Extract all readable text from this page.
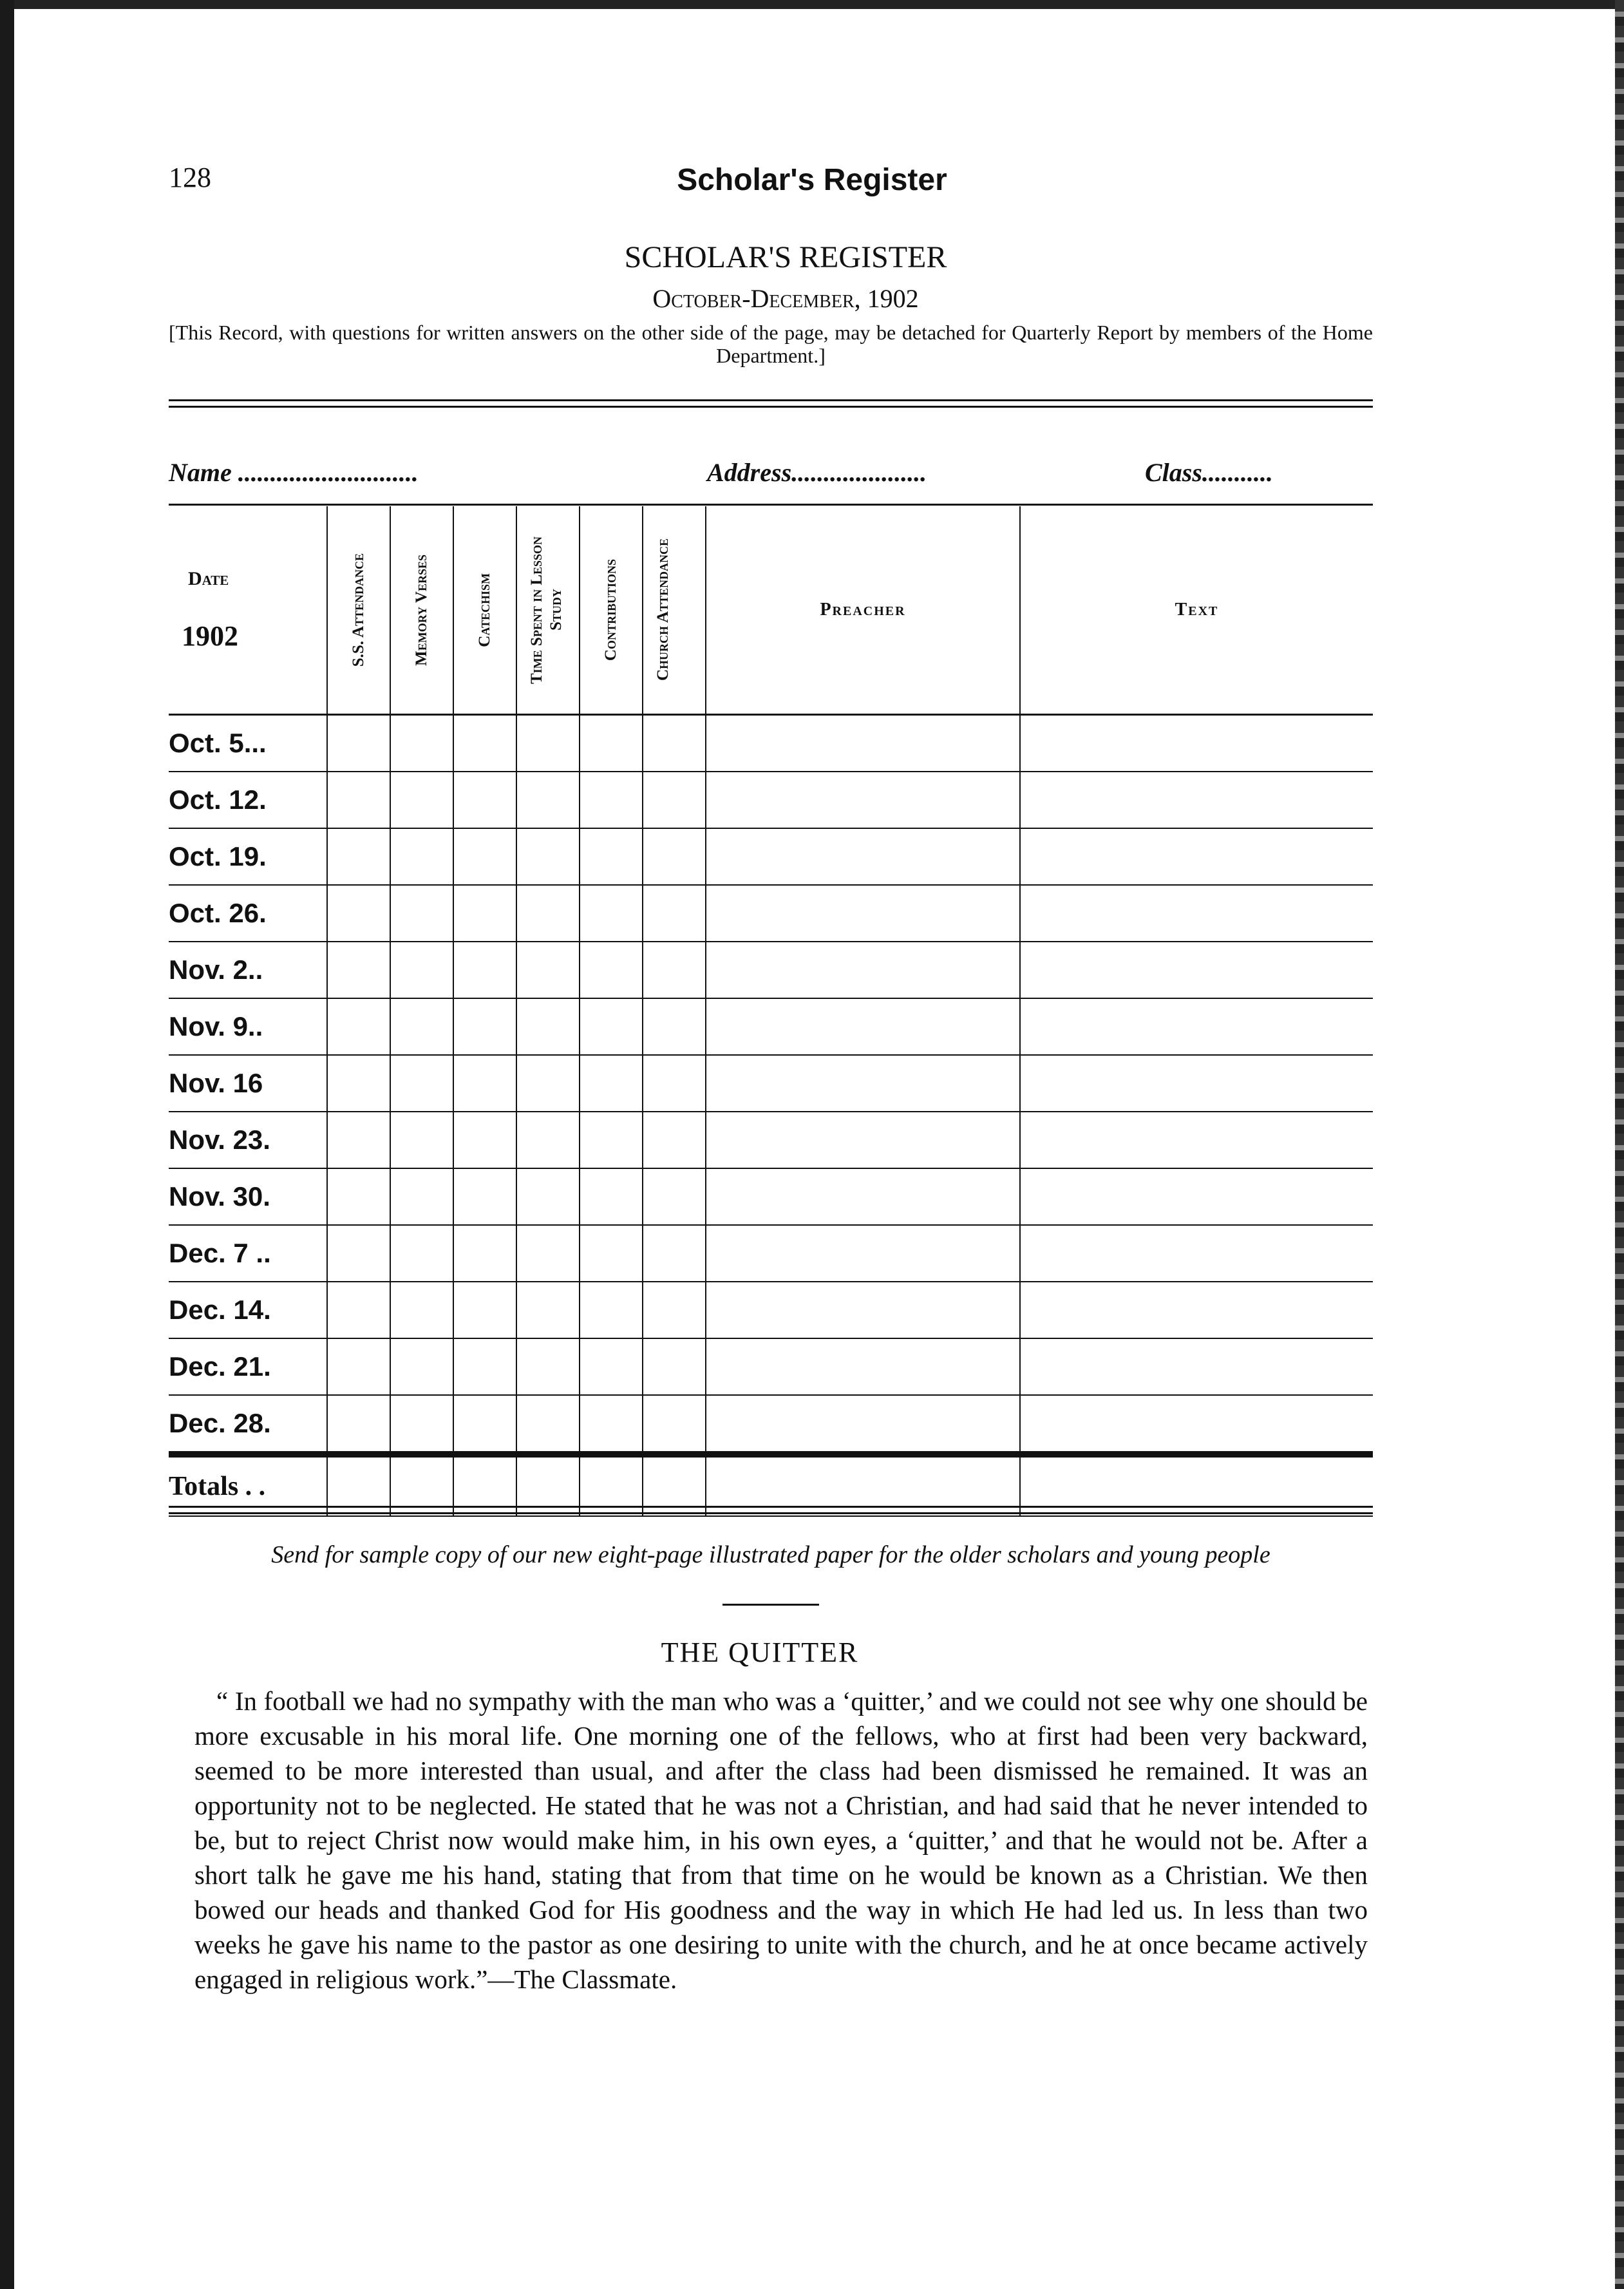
128	Scholar's Register
SCHOLAR'S REGISTER
October-December, 1902
[This Record, with questions for written answers on the other side of the page, may be detached for Quarterly Report by members of the Home Department.]
Name ............................	Address.....................	Class...........
Date
1902	S.S. Attendance	Memory Verses	Catechism	Time Spent in Lesson Study	Contributions	Church Attendance	Preacher	Text
Oct. 5...								
Oct. 12.								
Oct. 19.								
Oct. 26.								
Nov. 2..								
Nov. 9..								
Nov. 16								
Nov. 23.								
Nov. 30.								
Dec. 7 ..								
Dec. 14.								
Dec. 21.								
Dec. 28.								
Totals . .								
Send for sample copy of our new eight-page illustrated paper for the older scholars and young people
THE QUITTER

“ In football we had no sympathy with the man who was a ‘quitter,’ and we could not see why one should be more excusable in his moral life. One morning one of the fellows, who at first had been very backward, seemed to be more interested than usual, and after the class had been dismissed he remained. It was an opportunity not to be neglected. He stated that he was not a Christian, and had said that he never intended to be, but to reject Christ now would make him, in his own eyes, a ‘quitter,’ and that he would not be. After a short talk he gave me his hand, stating that from that time on he would be known as a Christian. We then bowed our heads and thanked God for His goodness and the way in which He had led us. In less than two weeks he gave his name to the pastor as one desiring to unite with the church, and he at once became actively engaged in religious work.”—The Classmate.
